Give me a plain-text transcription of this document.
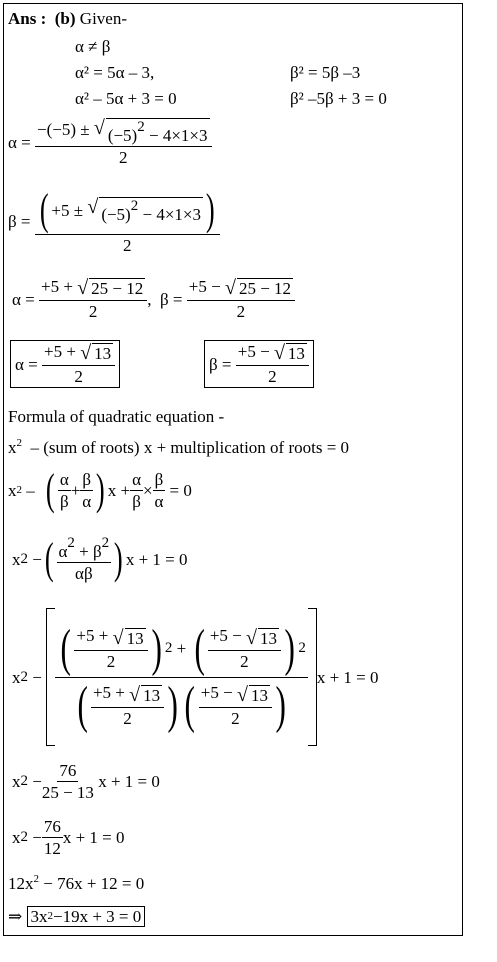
Ans : (b) Given-
α ≠ β
α² = 5α – 3,	β² = 5β –3
α² – 5α + 3 = 0	β² –5β + 3 = 0
α =
$\frac{-(-5) \pm √ (-5)^2 - 4\times 1\times 3}{2}$
β =
( +5 ±
√ $(-5)^2 - 4\times 1\times 3$ )
2
α =
$\frac{+5 + √ 25 - 12}{2}$ ,
β =
$\frac{+5 - √ 25 - 12}{2}$
α =
$\frac{+5 + √ 13}{2}$	β =
$\frac{+5 - √ 13}{2}$
Formula of quadratic equation -
$x^2 - (sum$ of roots) x + multiplication of roots = 0
x 2
–
( $\frac{\alpha}{\beta} + \frac{\beta}{\alpha}$ ) $x + \frac{\alpha}{\beta} \times \frac{\beta}{\alpha}$
= 0
x 2
− ( $\frac{\alpha^2 + \beta^2}{\alpha\beta}$ ) x + 1 = 0
x 2
−

( $\frac{+5 + √ 13}{2}$ ) 2
+
( $\frac{+5 - √ 13}{2}$ ) 2
( $\frac{+5 + √ 13}{2}$ ) ( $\frac{+5 - √ 13}{2}$ ) x + 1 = 0
x 2
− $\frac{76}{25 - 13}$
x + 1 = 0
x 2
− $\frac{76}{12}$ x + 1 = 0
$12x^2 - 76x + 12 = 0$
⇒
3x 2 −19x + 3 = 0
